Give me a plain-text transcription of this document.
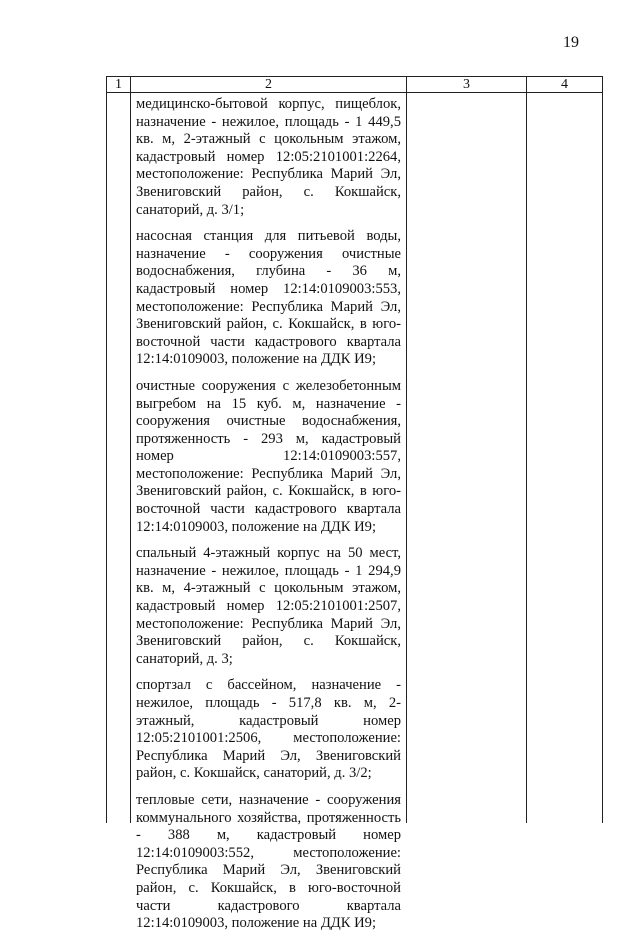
19
1	2	3	4

медицинско-бытовой корпус, пищеблок, назначение - нежилое, площадь - 1 449,5 кв. м, 2-этажный с цокольным этажом, кадастровый номер 12:05:2101001:2264, местоположение: Республика Марий Эл, Звениговский район, с. Кокшайск, санаторий, д. 3/1;

насосная станция для питьевой воды, назначение - сооружения очистные водоснабжения, глубина - 36 м, кадастровый номер 12:14:0109003:553, местоположение: Республика Марий Эл, Звениговский район, с. Кокшайск, в юго-восточной части кадастрового квартала 12:14:0109003, положение на ДДК И9;

очистные сооружения с железобетонным выгребом на 15 куб. м, назначение - сооружения очистные водоснабжения, протяженность - 293 м, кадастровый номер 12:14:0109003:557, местоположение: Республика Марий Эл, Звениговский район, с. Кокшайск, в юго-восточной части кадастрового квартала 12:14:0109003, положение на ДДК И9;

спальный 4-этажный корпус на 50 мест, назначение - нежилое, площадь - 1 294,9 кв. м, 4-этажный с цокольным этажом, кадастровый номер 12:05:2101001:2507, местоположение: Республика Марий Эл, Звениговский район, с. Кокшайск, санаторий, д. 3;

спортзал с бассейном, назначение - нежилое, площадь - 517,8 кв. м, 2-этажный, кадастровый номер 12:05:2101001:2506, местоположение: Республика Марий Эл, Звениговский район, с. Кокшайск, санаторий, д. 3/2;

тепловые сети, назначение - сооружения коммунального хозяйства, протяженность - 388 м, кадастровый номер 12:14:0109003:552, местоположение: Республика Марий Эл, Звениговский район, с. Кокшайск, в юго-восточной части кадастрового квартала 12:14:0109003, положение на ДДК И9;
